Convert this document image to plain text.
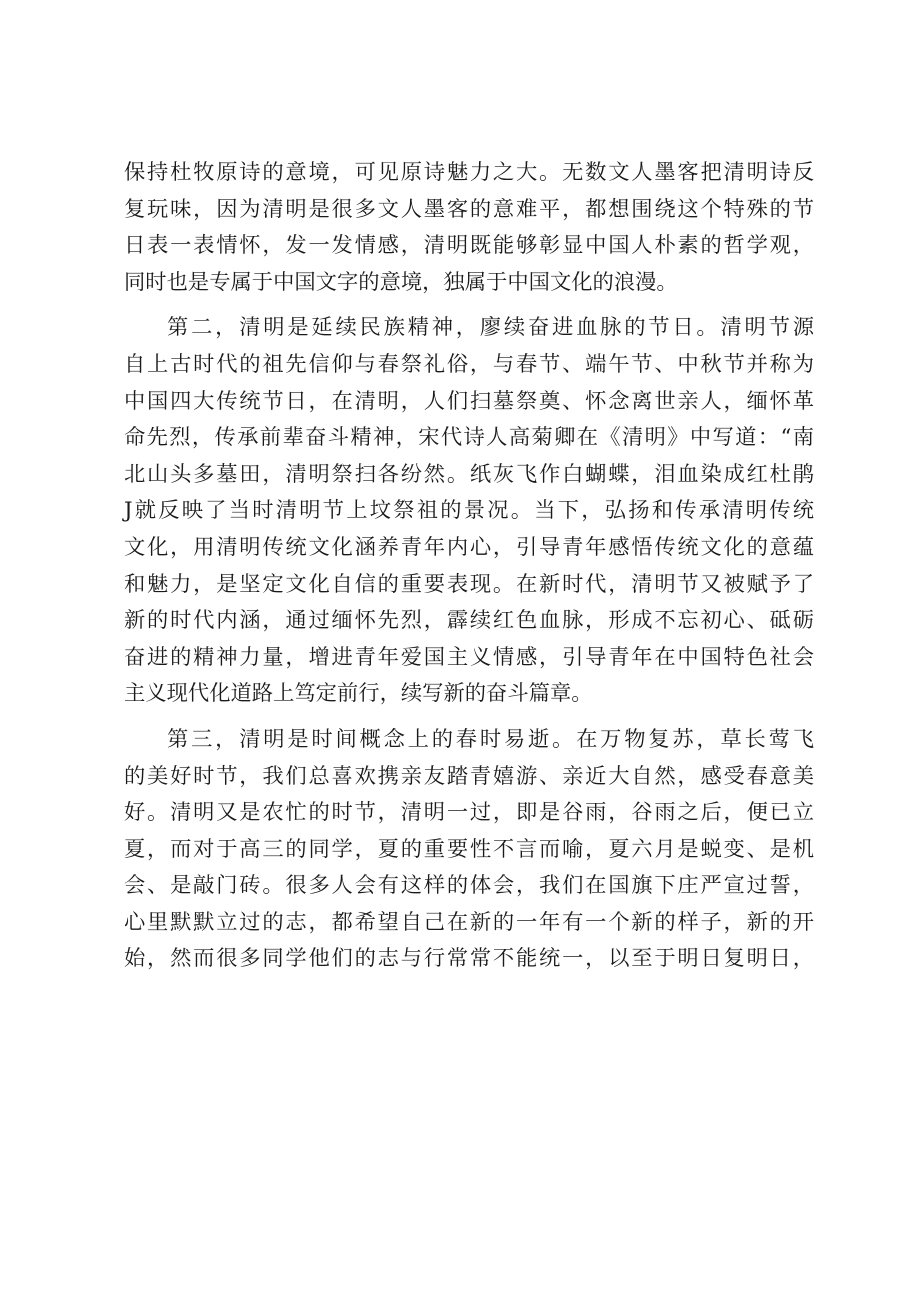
保持杜牧原诗的意境，可见原诗魅力之大。无数文人墨客把清明诗反
复玩味，因为清明是很多文人墨客的意难平，都想围绕这个特殊的节
日表一表情怀，发一发情感，清明既能够彰显中国人朴素的哲学观，
同时也是专属于中国文字的意境，独属于中国文化的浪漫。
第二，清明是延续民族精神，廖续奋进血脉的节日。清明节源
自上古时代的祖先信仰与春祭礼俗，与春节、端午节、中秋节并称为
中国四大传统节日，在清明，人们扫墓祭奠、怀念离世亲人，缅怀革
命先烈，传承前辈奋斗精神，宋代诗人高菊卿在《清明》中写道：“南
北山头多墓田，清明祭扫各纷然。纸灰飞作白蝴蝶，泪血染成红杜鹃
J就反映了当时清明节上坟祭祖的景况。当下，弘扬和传承清明传统
文化，用清明传统文化涵养青年内心，引导青年感悟传统文化的意蕴
和魅力，是坚定文化自信的重要表现。在新时代，清明节又被赋予了
新的时代内涵，通过缅怀先烈，霹续红色血脉，形成不忘初心、砥砺
奋进的精神力量，增进青年爱国主义情感，引导青年在中国特色社会
主义现代化道路上笃定前行，续写新的奋斗篇章。
第三，清明是时间概念上的春时易逝。在万物复苏，草长莺飞
的美好时节，我们总喜欢携亲友踏青嬉游、亲近大自然，感受春意美
好。清明又是农忙的时节，清明一过，即是谷雨，谷雨之后，便已立
夏，而对于高三的同学，夏的重要性不言而喻，夏六月是蜕变、是机
会、是敲门砖。很多人会有这样的体会，我们在国旗下庄严宣过誓，
心里默默立过的志，都希望自己在新的一年有一个新的样子，新的开
始，然而很多同学他们的志与行常常不能统一，以至于明日复明日，
